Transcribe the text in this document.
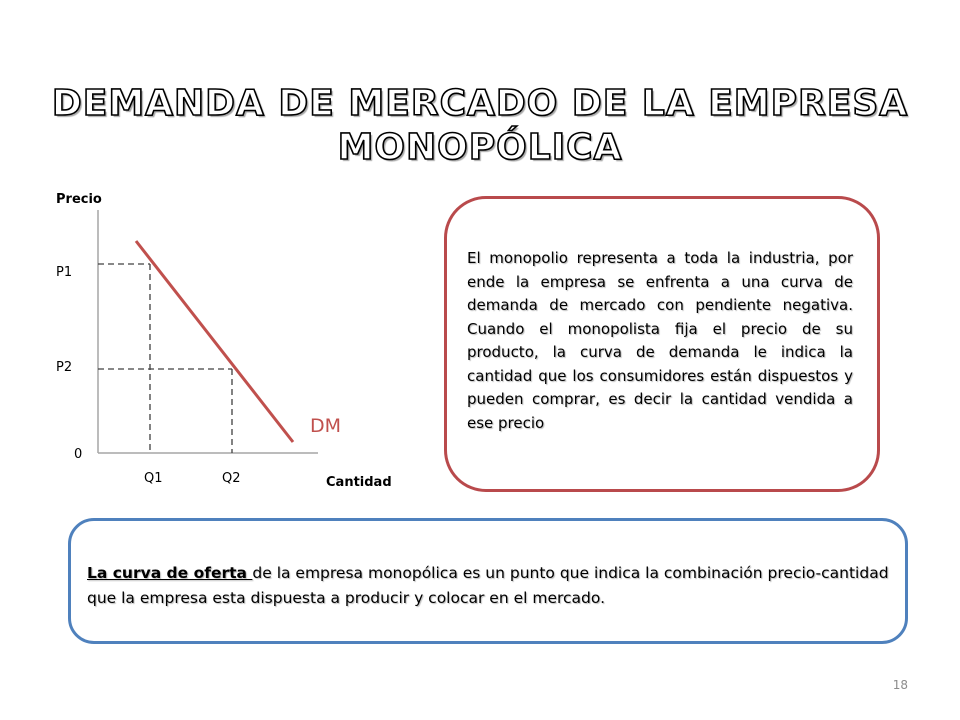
DEMANDA DE MERCADO DE LA EMPRESA
MONOPÓLICA
Precio
Cantidad
0
P1
P2
Q1	Q2
DM

El monopolio representa a toda la industria, por ende la empresa se enfrenta a una curva de demanda de mercado con pendiente negativa. Cuando el monopolista fija el precio de su producto, la curva de demanda le indica la cantidad que los consumidores están dispuestos y pueden comprar, es decir la cantidad vendida a ese precio

La curva de oferta de la empresa monopólica es un punto que indica la combinación precio-cantidad que la empresa esta dispuesta a producir y colocar en el mercado.

18
